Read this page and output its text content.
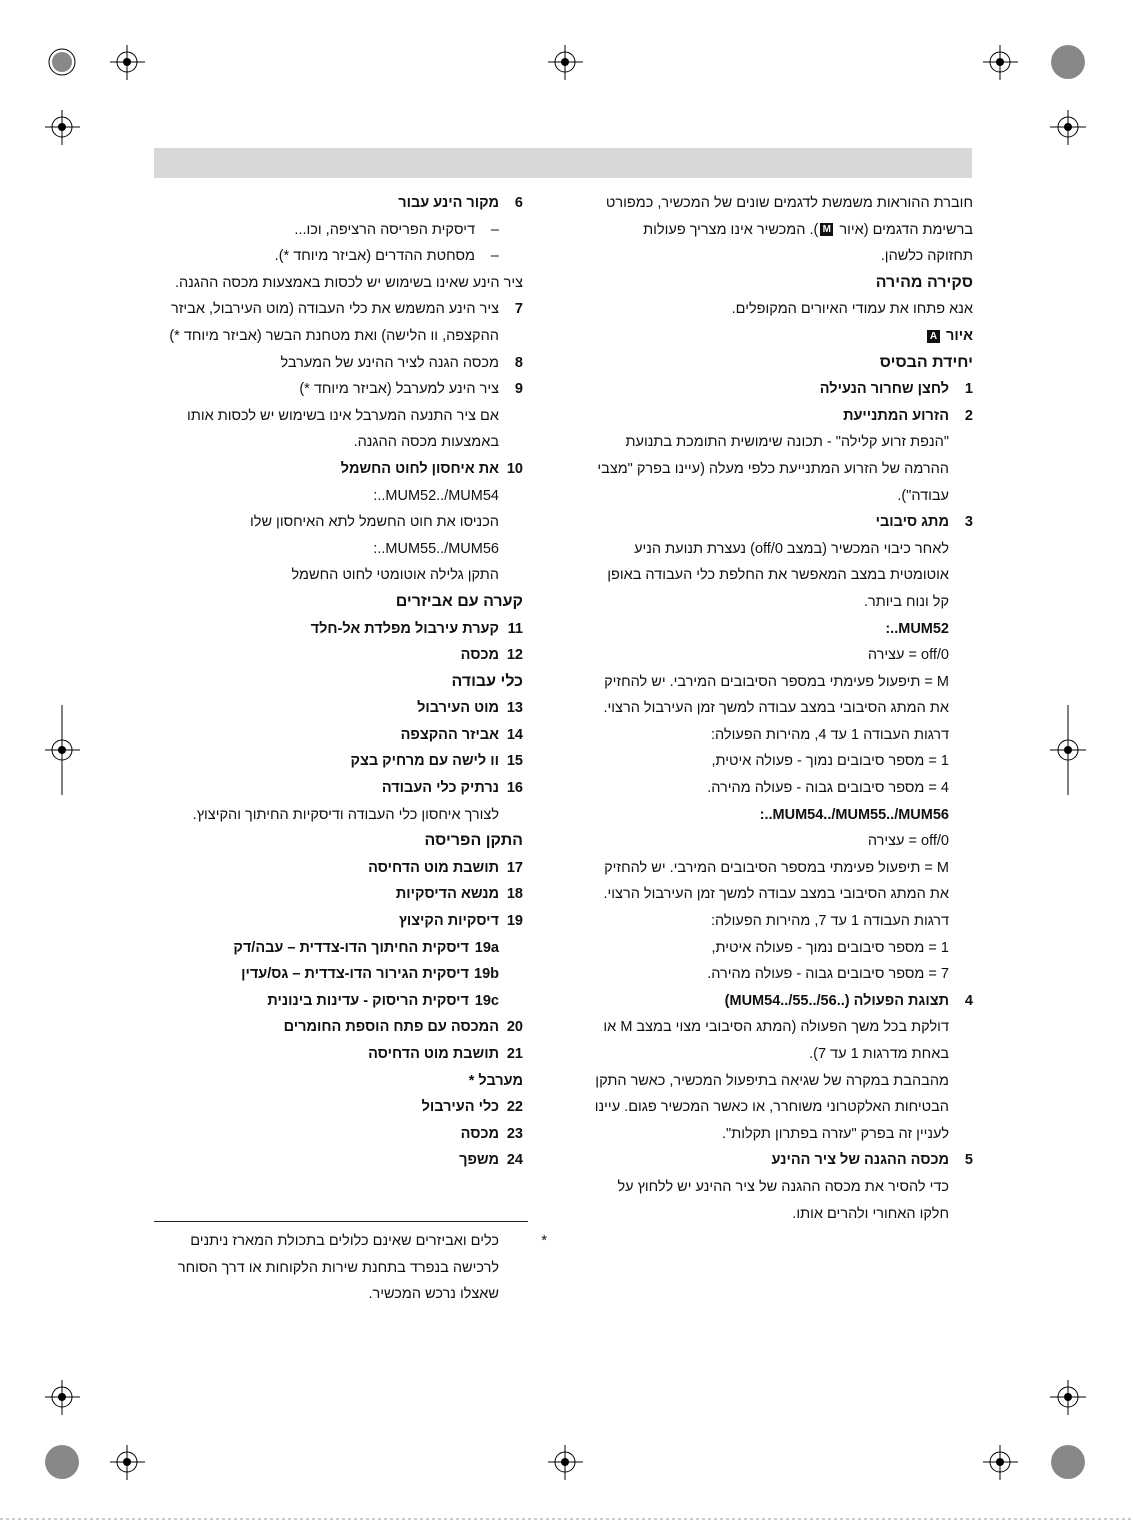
חוברת ההוראות משמשת לדגמים שונים של המכשיר, כמפורט
ברשימת הדגמים (איור M). המכשיר אינו מצריך פעולות
תחזוקה כלשהן.
סקירה מהירה
אנא פתחו את עמודי האיורים המקופלים.
איור A
יחידת הבסיס
1לחצן שחרור הנעילה
2הזרוע המתנייעת
"הנפת זרוע קלילה" - תכונה שימושית התומכת בתנועת
ההרמה של הזרוע המתנייעת כלפי מעלה (עיינו בפרק "מצבי
עבודה").
3מתג סיבובי
לאחר כיבוי המכשיר (במצב 0/off) נעצרת תנועת הניע
אוטומטית במצב המאפשר את החלפת כלי העבודה באופן
קל ונוח ביותר.
MUM52..:
0/off = עצירה
M = תיפעול פעימתי במספר הסיבובים המירבי. יש להחזיק
את המתג הסיבובי במצב עבודה למשך זמן העירבול הרצוי.
דרגות העבודה 1 עד 4, מהירות הפעולה:
1 = מספר סיבובים נמוך - פעולה איטית,
4 = מספר סיבובים גבוה - פעולה מהירה.
MUM54../MUM55../MUM56..:
0/off = עצירה
M = תיפעול פעימתי במספר הסיבובים המירבי. יש להחזיק
את המתג הסיבובי במצב עבודה למשך זמן העירבול הרצוי.
דרגות העבודה 1 עד 7, מהירות הפעולה:
1 = מספר סיבובים נמוך - פעולה איטית,
7 = מספר סיבובים גבוה - פעולה מהירה.
4תצוגת הפעולה (..MUM54../55../56)
דולקת בכל משך הפעולה (המתג הסיבובי מצוי במצב M או
באחת מדרגות 1 עד 7).
מהבהבת במקרה של שגיאה בתיפעול המכשיר, כאשר התקן
הבטיחות האלקטרוני משוחרר, או כאשר המכשיר פגום. עיינו
לעניין זה בפרק "עזרה בפתרון תקלות".
5מכסה ההגנה של ציר ההינע
כדי להסיר את מכסה ההגנה של ציר ההינע יש ללחוץ על
חלקו האחורי ולהרים אותו.
6מקור הינע עבור
–דיסקית הפריסה הרציפה, וכו...
–מסחטת ההדרים (אביזר מיוחד *).
ציר הינע שאינו בשימוש יש לכסות באמצעות מכסה ההגנה.
7ציר הינע המשמש את כלי העבודה (מוט העירבול, אביזר
ההקצפה, וו הלישה) ואת מטחנת הבשר (אביזר מיוחד *)
8מכסה הגנה לציר ההינע של המערבל
9ציר הינע למערבל (אביזר מיוחד *)
אם ציר התנעה המערבל אינו בשימוש יש לכסות אותו
באמצעות מכסה ההגנה.
10את איחסון לחוט החשמל
MUM52../MUM54..:
הכניסו את חוט החשמל לתא האיחסון שלו
MUM55../MUM56..:
התקן גלילה אוטומטי לחוט החשמל
קערה עם אביזרים
11קערת עירבול מפלדת אל-חלד
12מכסה
כלי עבודה
13מוט העירבול
14אביזר ההקצפה
15וו לישה עם מרחיק בצק
16נרתיק כלי העבודה
לצורך איחסון כלי העבודה ודיסקיות החיתוך והקיצוץ.
התקן הפריסה
17תושבת מוט הדחיסה
18מנשא הדיסקיות
19דיסקיות הקיצוץ
19aדיסקית החיתוך הדו-צדדית – עבה/דק
19bדיסקית הגירור הדו-צדדית – גס/עדין
19cדיסקית הריסוק - עדינות בינונית
20המכסה עם פתח הוספת החומרים
21תושבת מוט הדחיסה
מערבל *
22כלי העירבול
23מכסה
24משפך
*
כלים ואביזרים שאינם כלולים בתכולת המארז ניתנים
לרכישה בנפרד בתחנת שירות הלקוחות או דרך הסוחר
שאצלו נרכש המכשיר.
